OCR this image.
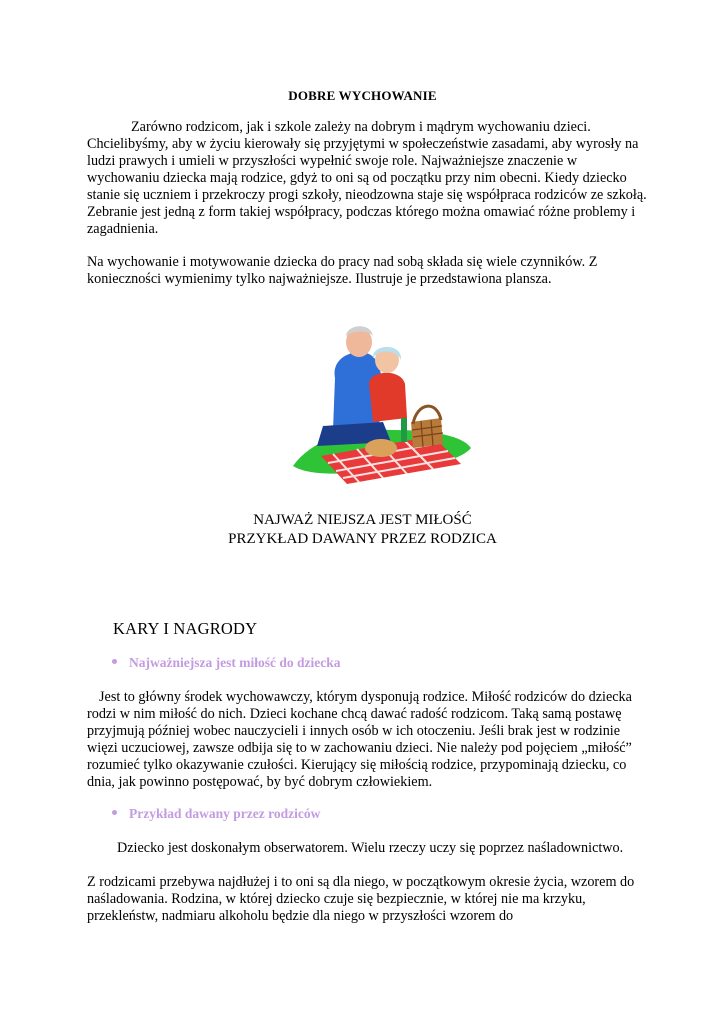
DOBRE WYCHOWANIE
Zarówno rodzicom, jak i szkole zależy na dobrym i mądrym wychowaniu dzieci. Chcielibyśmy, aby w życiu kierowały się przyjętymi w społeczeństwie zasadami, aby wyrosły na ludzi prawych i umieli w przyszłości wypełnić swoje role. Najważniejsze znaczenie w wychowaniu dziecka mają rodzice, gdyż to oni są od początku przy nim obecni. Kiedy dziecko stanie się uczniem i przekroczy progi szkoły, nieodzowna staje się współpraca rodziców ze szkołą. Zebranie jest jedną z form takiej współpracy, podczas którego można omawiać różne problemy i zagadnienia.
Na wychowanie i motywowanie dziecka do pracy nad sobą składa się wiele czynników. Z konieczności wymienimy tylko najważniejsze. Ilustruje je przedstawiona plansza.
NAJWAŻ NIEJSZA JEST MIŁOŚĆ
PRZYKŁAD DAWANY PRZEZ RODZICA
KARY I NAGRODY
Najważniejsza jest miłość do dziecka
Jest to główny środek wychowawczy, którym dysponują rodzice. Miłość rodziców do dziecka rodzi w nim miłość do nich. Dzieci kochane chcą dawać radość rodzicom. Taką samą postawę przyjmują później wobec nauczycieli i innych osób w ich otoczeniu. Jeśli brak jest w rodzinie więzi uczuciowej, zawsze odbija się to w zachowaniu dzieci. Nie należy pod pojęciem „miłość” rozumieć tylko okazywanie czułości. Kierujący się miłością rodzice, przypominają dziecku, co dnia, jak powinno postępować, by być dobrym człowiekiem.
Przykład dawany przez rodziców
Dziecko jest doskonałym obserwatorem. Wielu rzeczy uczy się poprzez naśladownictwo.
Z rodzicami przebywa najdłużej i to oni są dla niego, w początkowym okresie życia, wzorem do naśladowania. Rodzina, w której dziecko czuje się bezpiecznie, w której nie ma krzyku, przekleństw, nadmiaru alkoholu będzie dla niego w przyszłości wzorem do
